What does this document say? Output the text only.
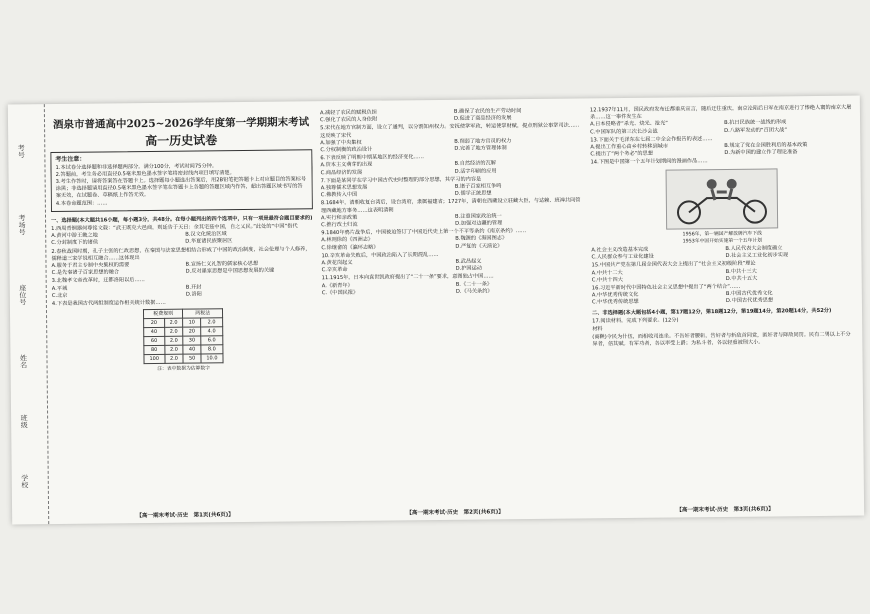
考号
考场号
座位号
姓名
班级
学校
酒泉市普通高中2025~2026学年度第一学期期末考试
高一历史试卷
考生注意：
1.本试卷分选择题和非选择题两部分。满分100分，考试时间75分钟。
2.答题前，考生务必用直径0.5毫米黑色墨水签字笔将密封线内项目填写清楚。
3.考生作答时，请将答案答在答题卡上。选择题每小题选出答案后，用2B铅笔把答题卡上对应题目的答案标号涂黑；非选择题请用直径0.5毫米黑色墨水签字笔在答题卡上各题的答题区域内作答，超出答题区域书写的答案无效，在试题卷、草稿纸上作答无效。
4.本卷命题范围：……
一、选择题(本大题共16小题，每小题3分，共48分。在每小题列出的四个选项中，只有一项是最符合题目要求的)
1.西周青铜器何尊铭文载：“武王既克大邑商，则廷告于天曰：余其宅兹中国，自之乂民。”此处的“中国”指代
A.黄河中游王畿之地	B.汉文化统治区域
C.分封制度下的诸侯	D.华夏诸民族聚居区
2.春秋战国时期，孔子主张的仁政思想，在秦国与法家思想相结合形成了中国的政治制度，社会伦理与个人修养，儒释道三家学说相互融合……这体现出
A.服务于君主专制中央集权的需要	B.宣扬仁义礼智的儒家核心思想
C.是先秦诸子百家思想的融合	D.反对墨家思想是中国思想发展的关键
3.北魏孝文帝改革时，迁都洛阳以后……
A.平城	B.开封
C.北京	D.洛阳
4.下表是我国古代两组制度运作相关统计数据……
税费规则		两税法	
20	2.0	10	2.0
40	2.0	20	4.0
60	2.0	30	6.0
80	2.0	40	8.0
100	2.0	50	10.0
注：表中数据为估算数字
A.减轻了农民的赋税负担	B.确保了农民的生产劳动时间
C.强化了农民的人身依附	D.促进了商品经济的发展
5.宋代在地方官制方面，设立了通判，以分割知州权力。安抚使掌军政，转运使掌财赋，提点刑狱公事掌司法……这反映了宋代
A.加强了中央集权	B.削弱了地方官员的权力
C.分权制衡的政治设计	D.完善了地方管理体制
6.下表反映了明朝中期某地区的经济变化……
A.资本主义萌芽的出现	B.自然经济的瓦解
C.商品经济的发展	D.活字印刷的应用
7.下面是某同学在学习中国古代史时整理的部分思想，其学习的内容是
A.独尊儒术思想发展	B.诸子百家相互争鸣
C.佛教传入中国	D.儒学正统思想
8.1684年，清朝收复台湾后，设台湾府，隶属福建省；1727年，清朝在西藏设立驻藏大臣，与达赖、班禅共同管理西藏地方事务……这表明清朝
A.实行和亲政策	B.注重国家政治统一
C.推行改土归流	D.加强对边疆的管理
9.1840年鸦片战争后，中国被迫签订了中国近代史上第一个不平等条约《南京条约》……
A.林则徐的《四洲志》	B.魏源的《海国图志》
C.徐继畬的《瀛环志略》	D.严复的《天演论》
10.辛亥革命失败后，中国政治陷入了长期混乱……
A.黄花岗起义	B.武昌起义
C.辛亥革命	D.护国运动
11.1915年，日本向袁世凯政府提出了“二十一条”要求，意图独占中国……
A.《新青年》	B.《二十一条》
C.《中国民报》	D.《马关条约》
12.1937年11月，国民政府发布迁都重庆宣言，随后迁往重庆，南京沦陷后日军在南京进行了惨绝人寰的南京大屠杀……这一事件发生在
A.日本侵略者“杀光、烧光、抢光”	B.抗日民族统一战线的形成
C.中国军队的第三次长沙会战	D.八路军发动的“百团大战”
13.下面关于毛泽东在七届二中全会作报告的表述……
A.提出工作重心由乡村转移到城市	B.规定了党在全国胜利后的基本政策
C.提出了“两个务必”的思想	D.为新中国的建立作了理论准备
14.下图是中国第一个五年计划期间的漫画作品……
1956年，第一辆国产解放牌汽车下线
1953年中国开始实施第一个五年计划
A.社会主义改造基本完成	B.人民代表大会制度确立
C.人民群众参与工业化建设	D.社会主义工业化初步实现
15.中国共产党在第几届全国代表大会上提出了“社会主义初级阶段”理论
A.中共十二大	B.中共十三大
C.中共十四大	D.中共十五大
16.习近平新时代中国特色社会主义思想中提出了“两个结合”……
A.中华优秀传统文化	B.中国古代优秀文化
C.中华优秀传统思想	D.中国古代优秀思想
二、非选择题(本大题包括4小题，第17题12分，第18题12分，第19题14分，第20题14分，共52分)
17.阅读材料，完成下列要求。(12分)
材料
(商鞅)令民为什伍，而相收司连坐。不告奸者腰斩，告奸者与斩敌首同赏，匿奸者与降敌同罚。民有二男以上不分异者，倍其赋。有军功者，各以率受上爵；为私斗者，各以轻重被刑大小。
【高一期末考试·历史　第1页(共6页)】	【高一期末考试·历史　第2页(共6页)】	【高一期末考试·历史　第3页(共6页)】
